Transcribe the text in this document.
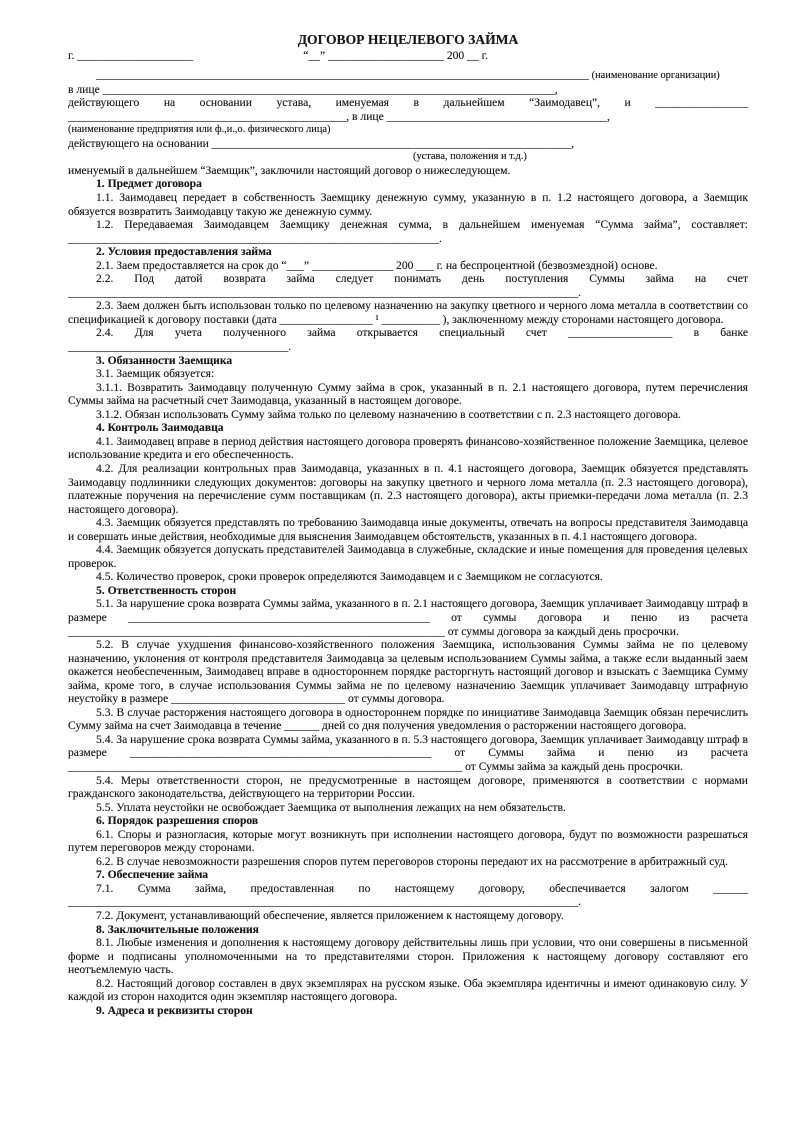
ДОГОВОР НЕЦЕЛЕВОГО ЗАЙМА

г. ____________________	“__” ____________________ 200 __ г.

_____________________________________________________________________________________ (наименование организации)

в лице ______________________________________________________________________________,

действующего на основании устава, именуемая в дальнейшем “Заимодавец”, и ________________

________________________________________________, в лице ______________________________________,

(наименование предприятия или ф.,и.,о. физического лица)

действующего на основании ______________________________________________________________,

(устава, положения и т.д.)

именуемый в дальнейшем “Заемщик”, заключили настоящий договор о нижеследующем.

1. Предмет договора

1.1. Заимодавец передает в собственность Заемщику денежную сумму, указанную в п. 1.2 настоящего договора, а Заемщик обязуется возвратить Заимодавцу такую же денежную сумму.

1.2. Передаваемая Заимодавцем Заемщику денежная сумма, в дальнейшем именуемая “Сумма займа”, составляет: ________________________________________________________________.

2. Условия предоставления займа

2.1. Заем предоставляется на срок до “___” ______________ 200 ___ г. на беспроцентной (безвозмездной) основе.

2.2. Под датой возврата займа следует понимать день поступления Суммы займа на счет ________________________________________________________________________________________.

2.3. Заем должен быть использован только по целевому назначению на закупку цветного и черного лома металла в соответствии со спецификацией к договору поставки (дата ________________ ¹ __________ ), заключенному между сторонами настоящего договора.

2.4. Для учета полученного займа открывается специальный счет __________________ в банке ______________________________________.

3. Обязанности Заемщика

3.1. Заемщик обязуется:

3.1.1. Возвратить Заимодавцу полученную Сумму займа в срок, указанный в п. 2.1 настоящего договора, путем перечисления Суммы займа на расчетный счет Заимодавца, указанный в настоящем договоре.

3.1.2. Обязан использовать Сумму займа только по целевому назначению в соответствии с п. 2.3 настоящего договора.

4. Контроль Заимодавца

4.1. Заимодавец вправе в период действия настоящего договора проверять финансово-хозяйственное положение Заемщика, целевое использование кредита и его обеспеченность.

4.2. Для реализации контрольных прав Заимодавца, указанных в п. 4.1 настоящего договора, Заемщик обязуется представлять Заимодавцу подлинники следующих документов: договоры на закупку цветного и черного лома металла (п. 2.3 настоящего договора), платежные поручения на перечисление сумм поставщикам (п. 2.3 настоящего договора), акты приемки-передачи лома металла (п. 2.3 настоящего договора).

4.3. Заемщик обязуется представлять по требованию Заимодавца иные документы, отвечать на вопросы представителя Заимодавца и совершать иные действия, необходимые для выяснения Заимодавцем обстоятельств, указанных в п. 4.1 настоящего договора.

4.4. Заемщик обязуется допускать представителей Заимодавца в служебные, складские и иные помещения для проведения целевых проверок.

4.5. Количество проверок, сроки проверок определяются Заимодавцем и с Заемщиком не согласуются.

5. Ответственность сторон

5.1. За нарушение срока возврата Суммы займа, указанного в п. 2.1 настоящего договора, Заемщик уплачивает Заимодавцу штраф в размере ____________________________________________________ от суммы договора и пеню из расчета _________________________________________________________________ от суммы договора за каждый день просрочки.

5.2. В случае ухудшения финансово-хозяйственного положения Заемщика, использования Суммы займа не по целевому назначению, уклонения от контроля представителя Заимодавца за целевым использованием Суммы займа, а также если выданный заем окажется необеспеченным, Заимодавец вправе в одностороннем порядке расторгнуть настоящий договор и взыскать с Заемщика Сумму займа, кроме того, в случае использования Суммы займа не по целевому назначению Заемщик уплачивает Заимодавцу штрафную неустойку в размере ______________________________ от суммы договора.

5.3. В случае расторжения настоящего договора в одностороннем порядке по инициативе Заимодавца Заемщик обязан перечислить Сумму займа на счет Заимодавца в течение ______ дней со дня получения уведомления о расторжении настоящего договора.

5.4. За нарушение срока возврата Суммы займа, указанного в п. 5.3 настоящего договора, Заемщик уплачивает Заимодавцу штраф в размере ____________________________________________________ от Суммы займа и пеню из расчета ____________________________________________________________________ от Суммы займа за каждый день просрочки.

5.4. Меры ответственности сторон, не предусмотренные в настоящем договоре, применяются в соответствии с нормами гражданского законодательства, действующего на территории России.

5.5. Уплата неустойки не освобождает Заемщика от выполнения лежащих на нем обязательств.

6. Порядок разрешения споров

6.1. Споры и разногласия, которые могут возникнуть при исполнении настоящего договора, будут по возможности разрешаться путем переговоров между сторонами.

6.2. В случае невозможности разрешения споров путем переговоров стороны передают их на рассмотрение в арбитражный суд.

7. Обеспечение займа

7.1. Сумма займа, предоставленная по настоящему договору, обеспечивается залогом ______ ________________________________________________________________________________________.

7.2. Документ, устанавливающий обеспечение, является приложением к настоящему договору.

8. Заключительные положения

8.1. Любые изменения и дополнения к настоящему договору действительны лишь при условии, что они совершены в письменной форме и подписаны уполномоченными на то представителями сторон. Приложения к настоящему договору составляют его неотъемлемую часть.

8.2. Настоящий договор составлен в двух экземплярах на русском языке. Оба экземпляра идентичны и имеют одинаковую силу. У каждой из сторон находится один экземпляр настоящего договора.

9. Адреса и реквизиты сторон
